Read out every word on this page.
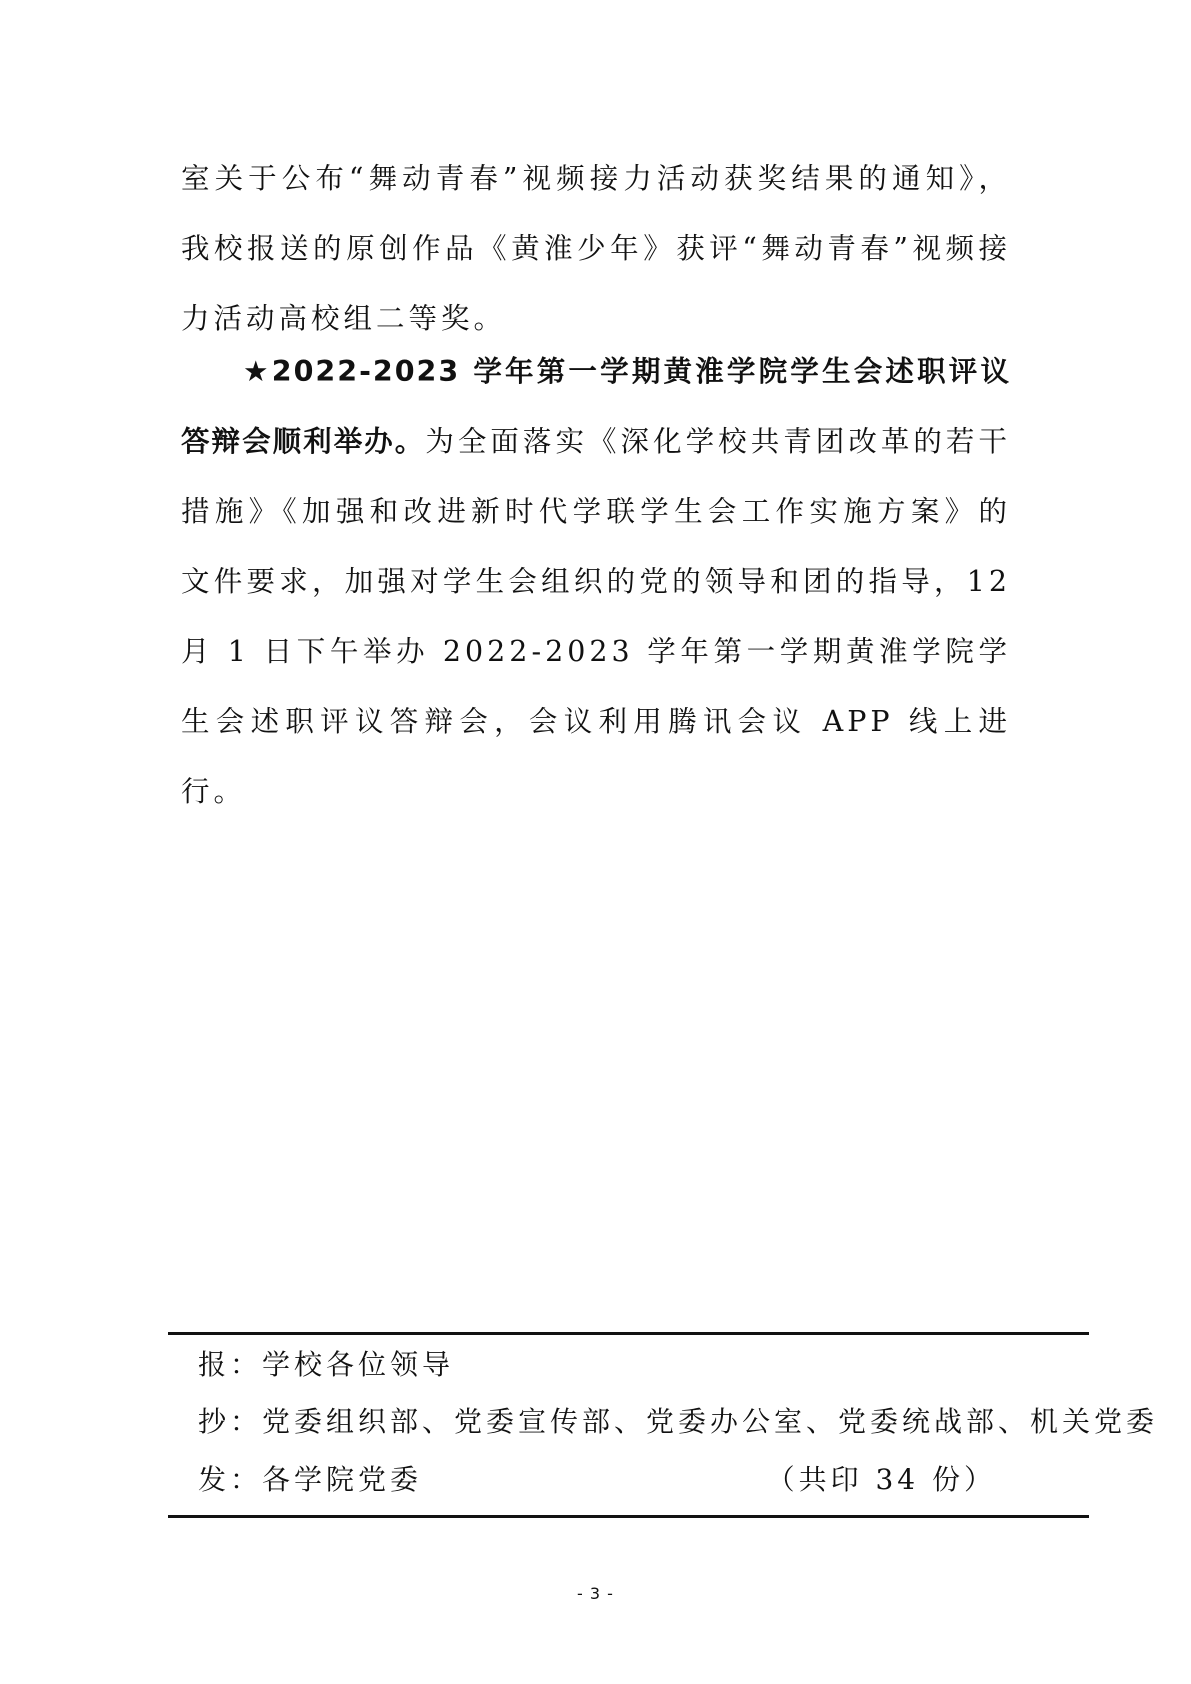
室关于公布“舞动青春”视频接力活动获奖结果的通知》，我校报送的原创作品《黄淮少年》获评“舞动青春”视频接力活动高校组二等奖。

★2022-2023 学年第一学期黄淮学院学生会述职评议答辩会顺利举办。为全面落实《深化学校共青团改革的若干措施》《加强和改进新时代学联学生会工作实施方案》的文件要求，加强对学生会组织的党的领导和团的指导，12 月 1 日下午举办 2022-2023 学年第一学期黄淮学院学生会述职评议答辩会，会议利用腾讯会议 APP 线上进行。

报：学校各位领导
抄：党委组织部、党委宣传部、党委办公室、党委统战部、机关党委
发：各学院党委	（共印 34 份）
- 3 -
